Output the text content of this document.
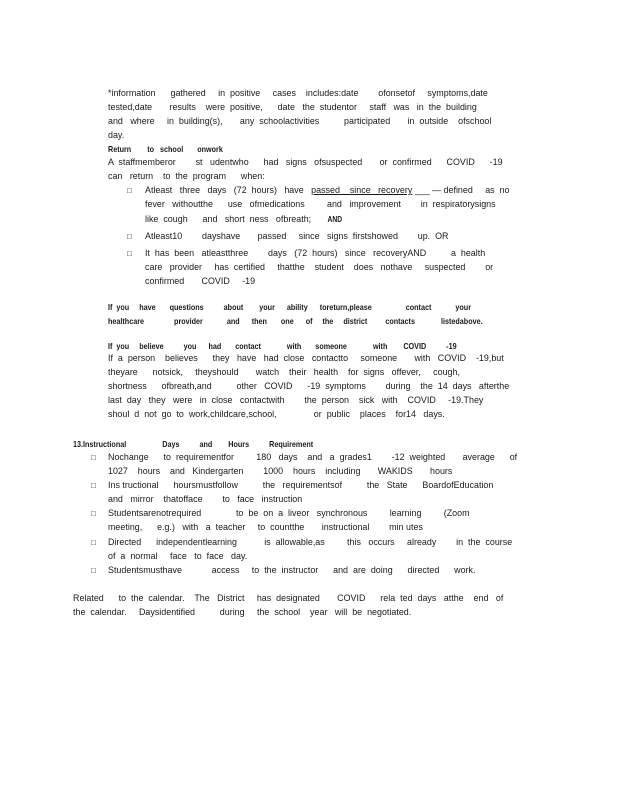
*information      gathered     in  positive     cases    includes:date        ofonsetof     symptoms,date
tested,date       results    were  positive,      date   the  studentor     staff   was   in  the  building
and   where     in  building(s),       any  schoolactivities          participated       in  outside    ofschool
day.
Return        to   school       onwork
A  staffmemberor        st   udentwho      had   signs   ofsuspected       or  confirmed      COVID      -19
can   return    to  the  program      when:
□ Atleast   three   days   (72  hours)   have   passed    since   recovery ___ — defined     as  no
fever   withoutthe      use   ofmedications         and   improvement        in  respiratorysigns
like  cough      and   short  ness   ofbreath;      AND
□ Atleast10        dayshave       passed     since   signs  firstshowed        up.  OR
□ It  has  been   atleastthree        days   (72  hours)   since   recoveryAND          a  health
care   provider     has  certified     thatthe    student    does   nothave     suspected        or
confirmed       COVID     -19
If  you     have       questions          about        your      ability      toreturn,please                 contact            your
healthcare               provider            and      then       one      of     the     district         contacts             listedabove.
If  you     believe          you      had       contact             with       someone             with        COVID          -19
If  a  person    believes      they   have   had  close   contactto     someone       with   COVID    -19,but
theyare      notsick,     theyshould       watch    their   health    for  signs   offever,     cough,
shortness      ofbreath,and          other   COVID      -19  symptoms        during    the  14  days   afterthe
last  day   they   were   in  close   contactwith        the  person    sick   with    COVID     -19.They
shoul  d  not  go  to  work,childcare,school,               or  public    places    for14   days.
13.Instructional                  Days          and        Hours          Requirement
□ Nochange      to  requirementfor         180   days    and   a  grades1        -12  weighted       average      of
1027    hours    and   Kindergarten        1000    hours    including       WAKIDS       hours
□ Ins tructional      hoursmustfollow          the   requirementsof          the   State      BoardofEducation
and   mirror    thatofface        to   face   instruction
□ Studentsarenotrequired              to  be  on  a  liveor   synchronous         learning         (Zoom
meeting,      e.g.)   with   a  teacher     to  countthe       instructional        min utes
□ Directed      independentlearning           is  allowable,as         this   occurs     already        in  the  course
of  a  normal     face   to  face   day.
□ Studentsmusthave            access     to  the  instructor      and  are  doing      directed      work.
Related      to  the  calendar.    The   District     has  designated       COVID      rela  ted  days   atthe    end   of
the  calendar.     Daysidentified          during     the  school    year   will  be  negotiated.
